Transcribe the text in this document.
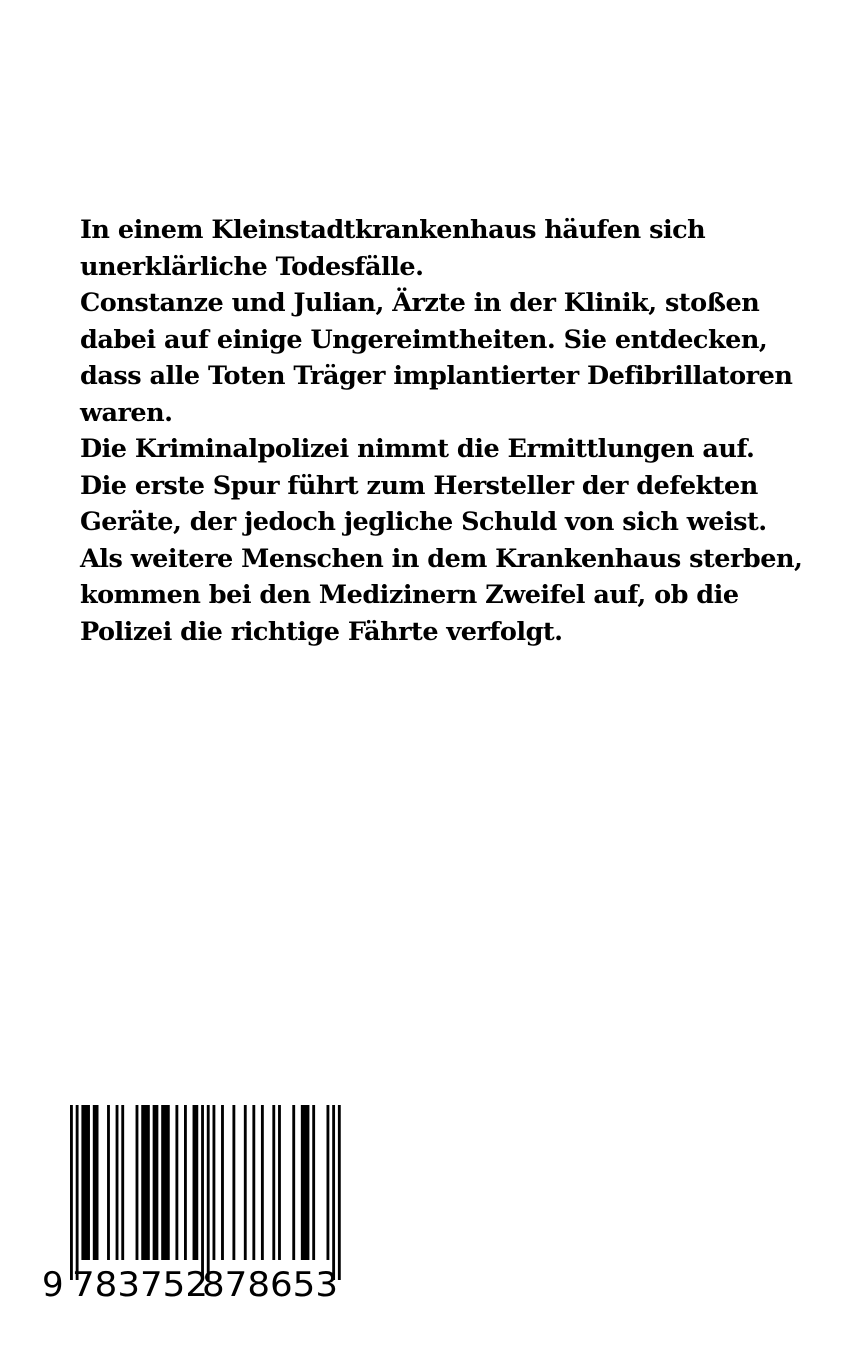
In einem Kleinstadtkrankenhaus häufen sich
unerklärliche Todesfälle.
Constanze und Julian, Ärzte in der Klinik, stoßen
dabei auf einige Ungereimtheiten. Sie entdecken,
dass alle Toten Träger implantierter Defibrillatoren
waren.
Die Kriminalpolizei nimmt die Ermittlungen auf.
Die erste Spur führt zum Hersteller der defekten
Geräte, der jedoch jegliche Schuld von sich weist.
Als weitere Menschen in dem Krankenhaus sterben,
kommen bei den Medizinern Zweifel auf, ob die
Polizei die richtige Fährte verfolgt.

9 783752
878653
